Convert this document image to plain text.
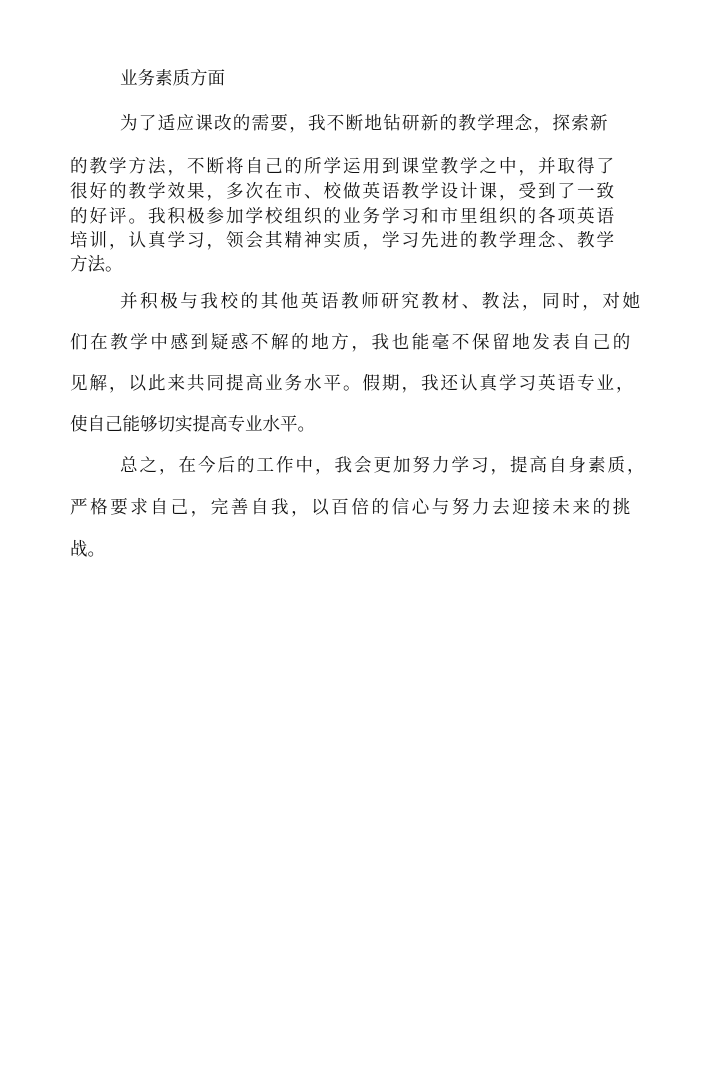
业务素质方面

为了适应课改的需要，我不断地钻研新的教学理念，探索新

的教学方法，不断将自己的所学运用到课堂教学之中，并取得了

很好的教学效果，多次在市、校做英语教学设计课，受到了一致

的好评。我积极参加学校组织的业务学习和市里组织的各项英语

培训，认真学习，领会其精神实质，学习先进的教学理念、教学

方法。

并积极与我校的其他英语教师研究教材、教法，同时，对她

们在教学中感到疑惑不解的地方，我也能毫不保留地发表自己的

见解，以此来共同提高业务水平。假期，我还认真学习英语专业，

使自己能够切实提高专业水平。

总之，在今后的工作中，我会更加努力学习，提高自身素质，

严格要求自己，完善自我，以百倍的信心与努力去迎接未来的挑

战。
